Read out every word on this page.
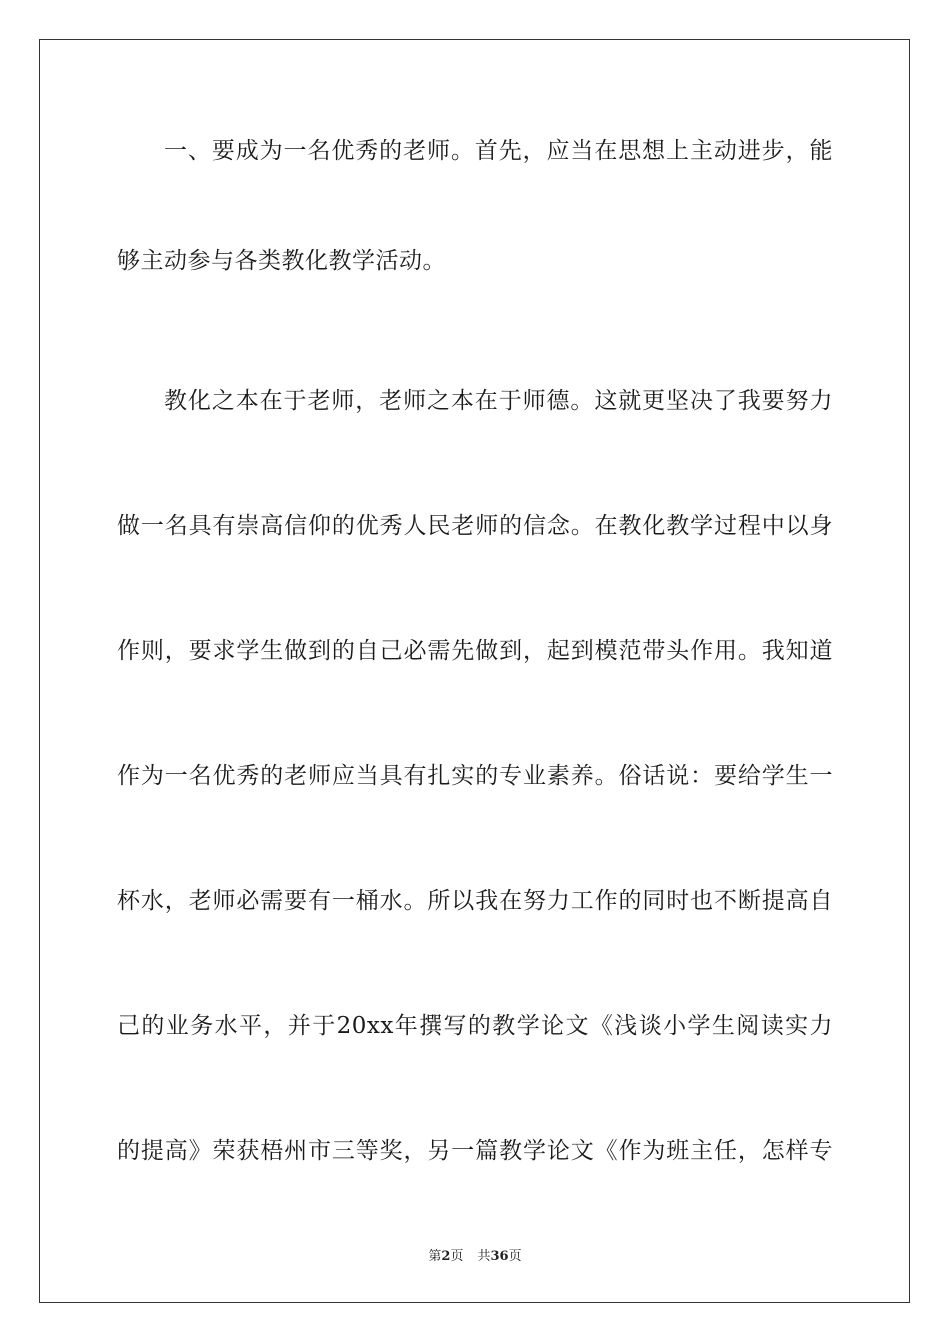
一、要成为一名优秀的老师。首先，应当在思想上主动进步，能
够主动参与各类教化教学活动。
教化之本在于老师，老师之本在于师德。这就更坚决了我要努力
做一名具有崇高信仰的优秀人民老师的信念。在教化教学过程中以身
作则，要求学生做到的自己必需先做到，起到模范带头作用。我知道
作为一名优秀的老师应当具有扎实的专业素养。俗话说：要给学生一
杯水，老师必需要有一桶水。所以我在努力工作的同时也不断提高自
己的业务水平，并于20xx年撰写的教学论文《浅谈小学生阅读实力
的提高》荣获梧州市三等奖，另一篇教学论文《作为班主任，怎样专
第2页 共36页
